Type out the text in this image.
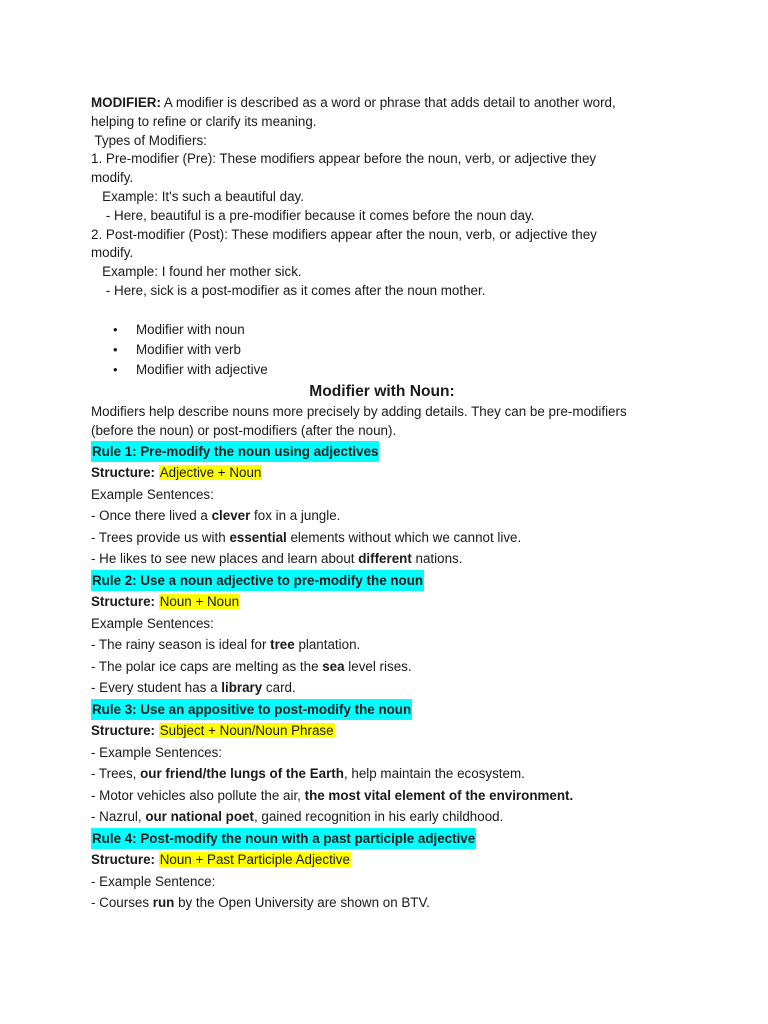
MODIFIER: A modifier is described as a word or phrase that adds detail to another word,
helping to refine or clarify its meaning.
Types of Modifiers:
1. Pre-modifier (Pre): These modifiers appear before the noun, verb, or adjective they
modify.
Example: It's such a beautiful day.
- Here, beautiful is a pre-modifier because it comes before the noun day.
2. Post-modifier (Post): These modifiers appear after the noun, verb, or adjective they
modify.
Example: I found her mother sick.
- Here, sick is a post-modifier as it comes after the noun mother.
• Modifier with noun
• Modifier with verb
• Modifier with adjective
Modifier with Noun:
Modifiers help describe nouns more precisely by adding details. They can be pre-modifiers
(before the noun) or post-modifiers (after the noun).
Rule 1: Pre-modify the noun using adjectives
Structure: Adjective + Noun
Example Sentences:
- Once there lived a clever fox in a jungle.
- Trees provide us with essential elements without which we cannot live.
- He likes to see new places and learn about different nations.
Rule 2: Use a noun adjective to pre-modify the noun
Structure: Noun + Noun
Example Sentences:
- The rainy season is ideal for tree plantation.
- The polar ice caps are melting as the sea level rises.
- Every student has a library card.
Rule 3: Use an appositive to post-modify the noun
Structure: Subject + Noun/Noun Phrase
- Example Sentences:
- Trees, our friend/the lungs of the Earth, help maintain the ecosystem.
- Motor vehicles also pollute the air, the most vital element of the environment.
- Nazrul, our national poet, gained recognition in his early childhood.
Rule 4: Post-modify the noun with a past participle adjective
Structure: Noun + Past Participle Adjective
- Example Sentence:
- Courses run by the Open University are shown on BTV.
